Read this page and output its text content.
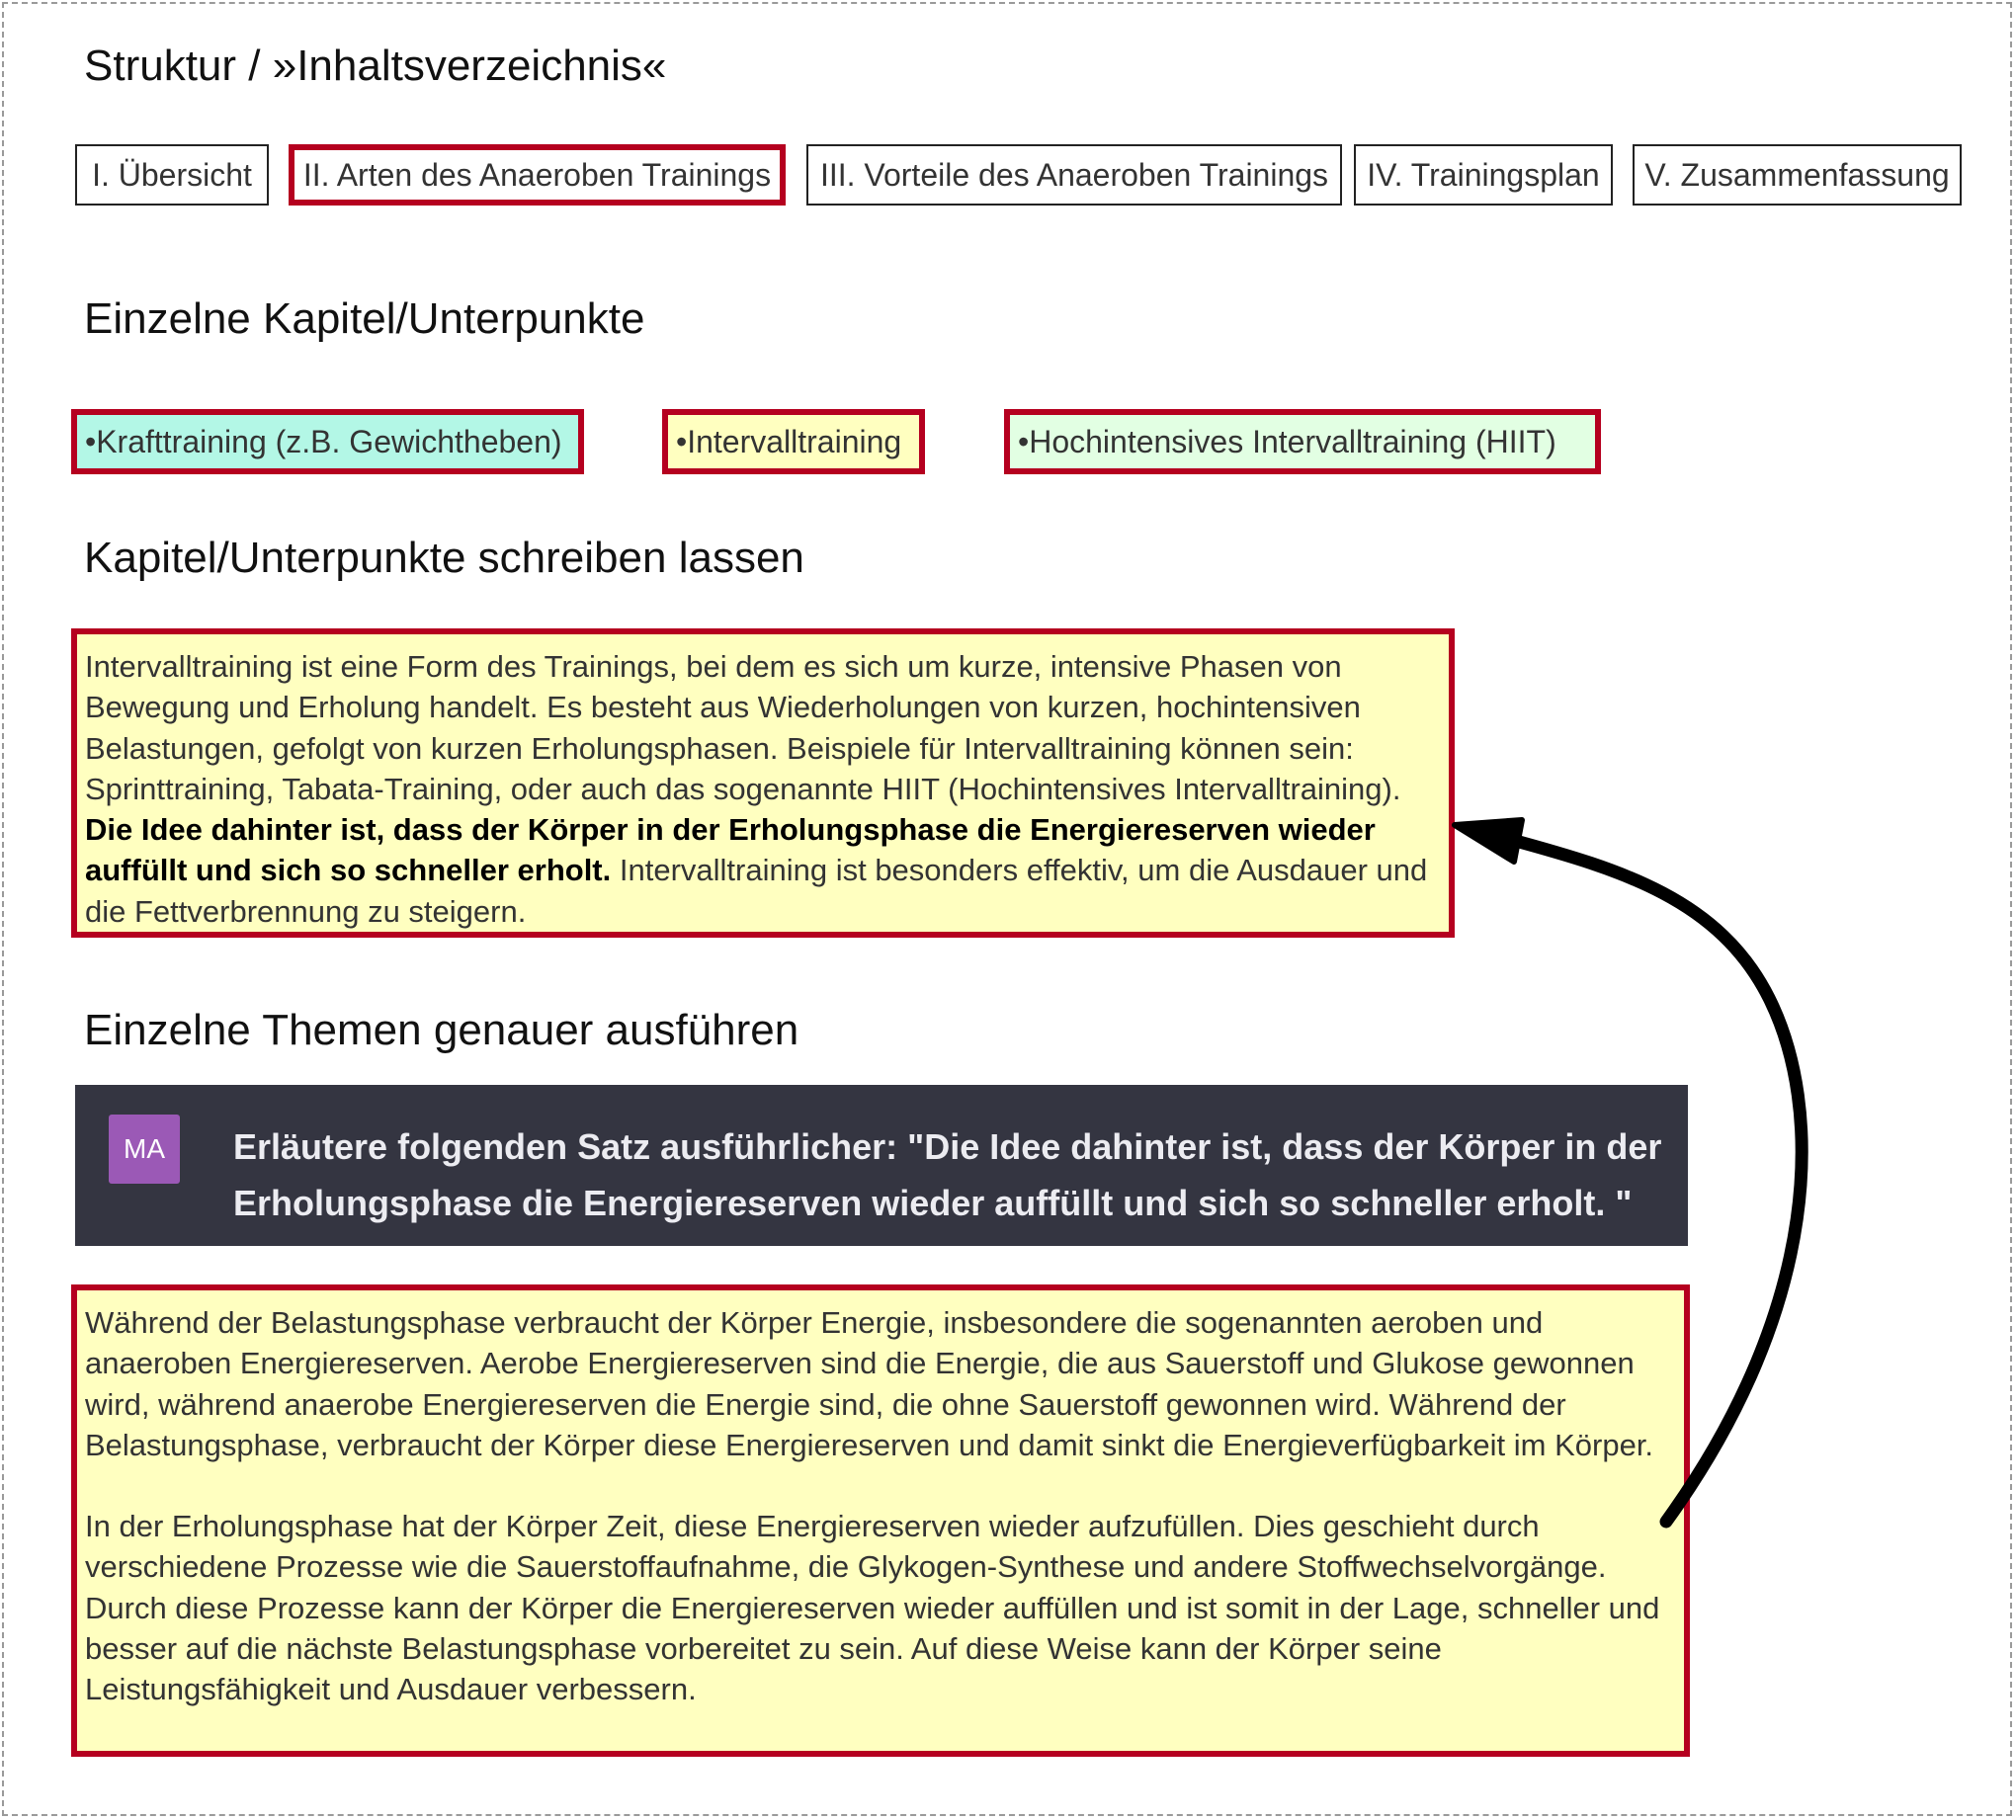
Struktur / »Inhaltsverzeichnis«
I. Übersicht	II. Arten des Anaeroben Trainings	III. Vorteile des Anaeroben Trainings	IV. Trainingsplan	V. Zusammenfassung
Einzelne Kapitel/Unterpunkte
•Krafttraining (z.B. Gewichtheben)	•Intervalltraining	•Hochintensives Intervalltraining (HIIT)
Kapitel/Unterpunkte schreiben lassen

Intervalltraining ist eine Form des Trainings, bei dem es sich um kurze, intensive Phasen von Bewegung und Erholung handelt. Es besteht aus Wiederholungen von kurzen, hochintensiven Belastungen, gefolgt von kurzen Erholungsphasen. Beispiele für Intervalltraining können sein: Sprinttraining, Tabata-Training, oder auch das sogenannte HIIT (Hochintensives Intervalltraining). Die Idee dahinter ist, dass der Körper in der Erholungsphase die Energiereserven wieder auffüllt und sich so schneller erholt. Intervalltraining ist besonders effektiv, um die Ausdauer und die Fettverbrennung zu steigern.

Einzelne Themen genauer ausführen
MA	Erläutere folgenden Satz ausführlicher: "Die Idee dahinter ist, dass der Körper in der Erholungsphase die Energiereserven wieder auffüllt und sich so schneller erholt. "

Während der Belastungsphase verbraucht der Körper Energie, insbesondere die sogenannten aeroben und anaeroben Energiereserven. Aerobe Energiereserven sind die Energie, die aus Sauerstoff und Glukose gewonnen wird, während anaerobe Energiereserven die Energie sind, die ohne Sauerstoff gewonnen wird. Während der Belastungsphase, verbraucht der Körper diese Energiereserven und damit sinkt die Energieverfügbarkeit im Körper.

In der Erholungsphase hat der Körper Zeit, diese Energiereserven wieder aufzufüllen. Dies geschieht durch verschiedene Prozesse wie die Sauerstoffaufnahme, die Glykogen-Synthese und andere Stoffwechselvorgänge. Durch diese Prozesse kann der Körper die Energiereserven wieder auffüllen und ist somit in der Lage, schneller und besser auf die nächste Belastungsphase vorbereitet zu sein. Auf diese Weise kann der Körper seine Leistungsfähigkeit und Ausdauer verbessern.
